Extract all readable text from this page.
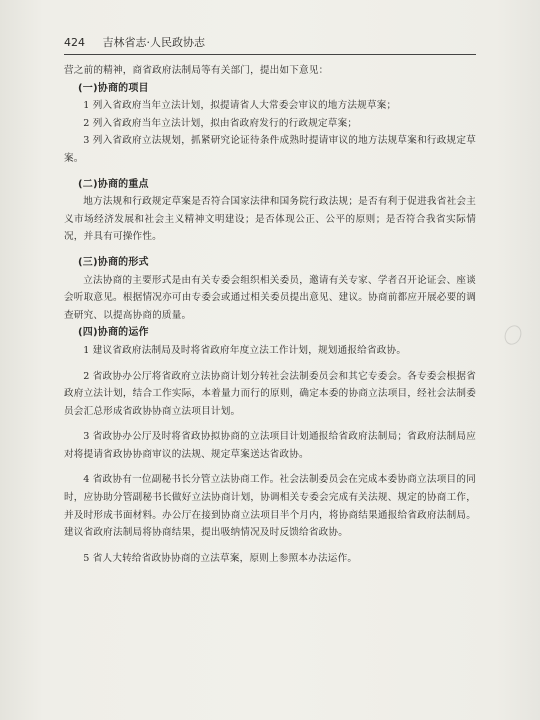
424 吉林省志·人民政协志

营之前的精神，商省政府法制局等有关部门，提出如下意见：

(一)协商的项目

1 列入省政府当年立法计划，拟提请省人大常委会审议的地方法规草案；

2 列入省政府当年立法计划，拟由省政府发行的行政规定草案；

3 列入省政府立法规划，抓紧研究论证待条件成熟时提请审议的地方法规草案和行政规定草案。

(二)协商的重点

地方法规和行政规定草案是否符合国家法律和国务院行政法规；是否有利于促进我省社会主义市场经济发展和社会主义精神文明建设；是否体现公正、公平的原则；是否符合我省实际情况，并具有可操作性。

(三)协商的形式

立法协商的主要形式是由有关专委会组织相关委员，邀请有关专家、学者召开论证会、座谈会听取意见。根据情况亦可由专委会或通过相关委员提出意见、建议。协商前都应开展必要的调查研究、以提高协商的质量。

(四)协商的运作

1 建议省政府法制局及时将省政府年度立法工作计划，规划通报给省政协。

2 省政协办公厅将省政府立法协商计划分转社会法制委员会和其它专委会。各专委会根据省政府立法计划，结合工作实际，本着量力而行的原则，确定本委的协商立法项目，经社会法制委员会汇总形成省政协协商立法项目计划。

3 省政协办公厅及时将省政协拟协商的立法项目计划通报给省政府法制局；省政府法制局应对将提请省政协协商审议的法规、规定草案送达省政协。

4 省政协有一位副秘书长分管立法协商工作。社会法制委员会在完成本委协商立法项目的同时，应协助分管副秘书长做好立法协商计划，协调相关专委会完成有关法规、规定的协商工作，并及时形成书面材料。办公厅在接到协商立法项目半个月内，将协商结果通报给省政府法制局。建议省政府法制局将协商结果，提出吸纳情况及时反馈给省政协。

5 省人大转给省政协协商的立法草案，原则上参照本办法运作。
